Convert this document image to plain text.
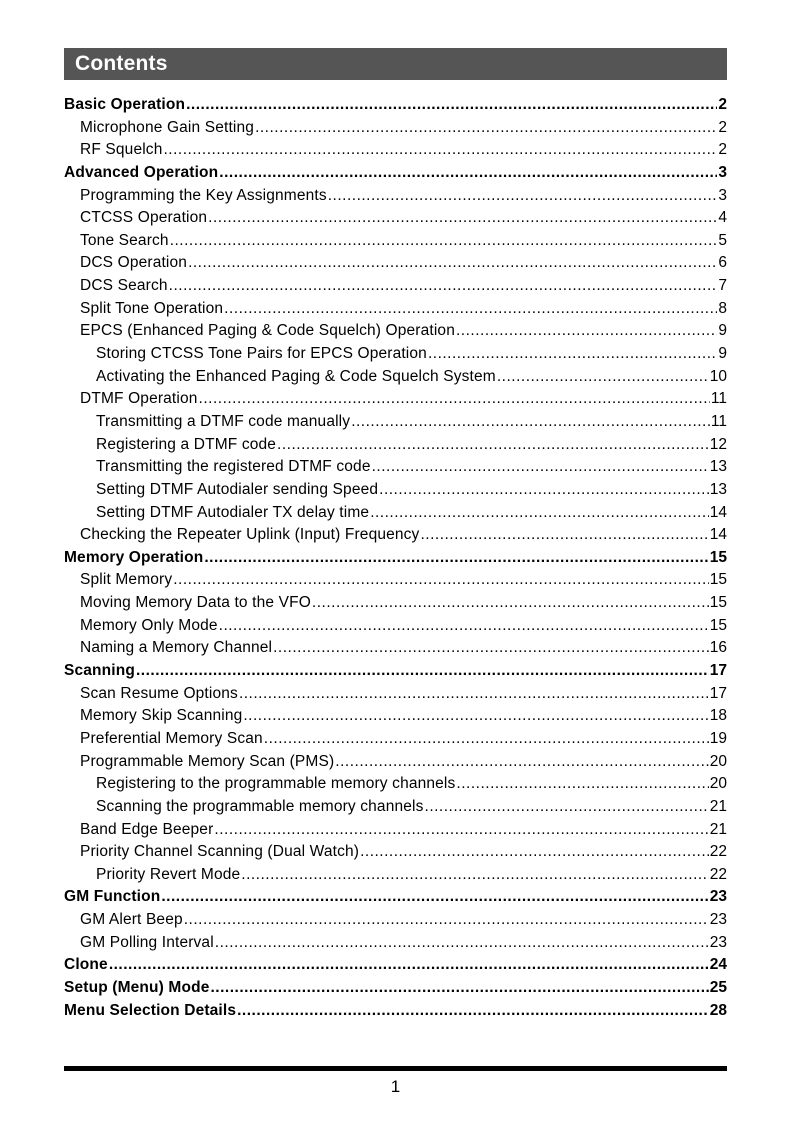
Contents
Basic Operation .....	2
Microphone Gain Setting .....	2
RF Squelch .....	2
Advanced Operation .....	3
Programming the Key Assignments .....	3
CTCSS Operation .....	4
Tone Search .....	5
DCS Operation .....	6
DCS Search .....	7
Split Tone Operation .....	8
EPCS (Enhanced Paging & Code Squelch) Operation .....	9
Storing CTCSS Tone Pairs for EPCS Operation .....	9
Activating the Enhanced Paging & Code Squelch System .....	10
DTMF Operation .....	11
Transmitting a DTMF code manually .....	11
Registering a DTMF code .....	12
Transmitting the registered DTMF code .....	13
Setting DTMF Autodialer sending Speed .....	13
Setting DTMF Autodialer TX delay time .....	14
Checking the Repeater Uplink (Input) Frequency .....	14
Memory Operation .....	15
Split Memory .....	15
Moving Memory Data to the VFO .....	15
Memory Only Mode .....	15
Naming a Memory Channel .....	16
Scanning .....	17
Scan Resume Options .....	17
Memory Skip Scanning .....	18
Preferential Memory Scan .....	19
Programmable Memory Scan (PMS) .....	20
Registering to the programmable memory channels .....	20
Scanning the programmable memory channels .....	21
Band Edge Beeper .....	21
Priority Channel Scanning (Dual Watch) .....	22
Priority Revert Mode .....	22
GM Function .....	23
GM Alert Beep .....	23
GM Polling Interval .....	23
Clone .....	24
Setup (Menu) Mode .....	25
Menu Selection Details .....	28
1
